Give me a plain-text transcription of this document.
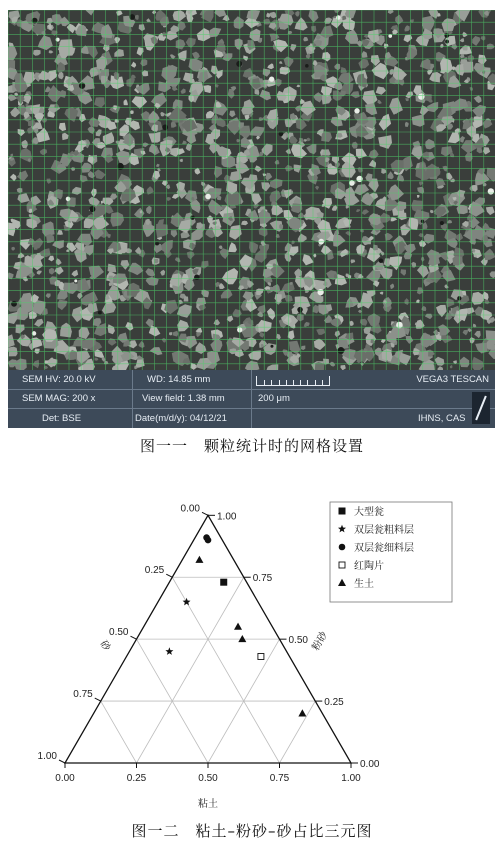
SEM HV: 20.0 kV	WD: 14.85 mm	VEGA3 TESCAN
SEM MAG: 200 x	View field: 1.38 mm	200 μm
Det: BSE	Date(m/d/y): 04/12/21	IHNS, CAS
图一一　颗粒统计时的网格设置
0.00
0.00
0.00
0.25
0.25
0.25
0.50
0.50
0.50
0.75
0.75
0.75
1.00
1.00
1.00
粘土
粉砂
砂
大型瓮
双层瓮粗料层
双层瓮细料层
红陶片
生土
图一二　粘土–粉砂–砂占比三元图
